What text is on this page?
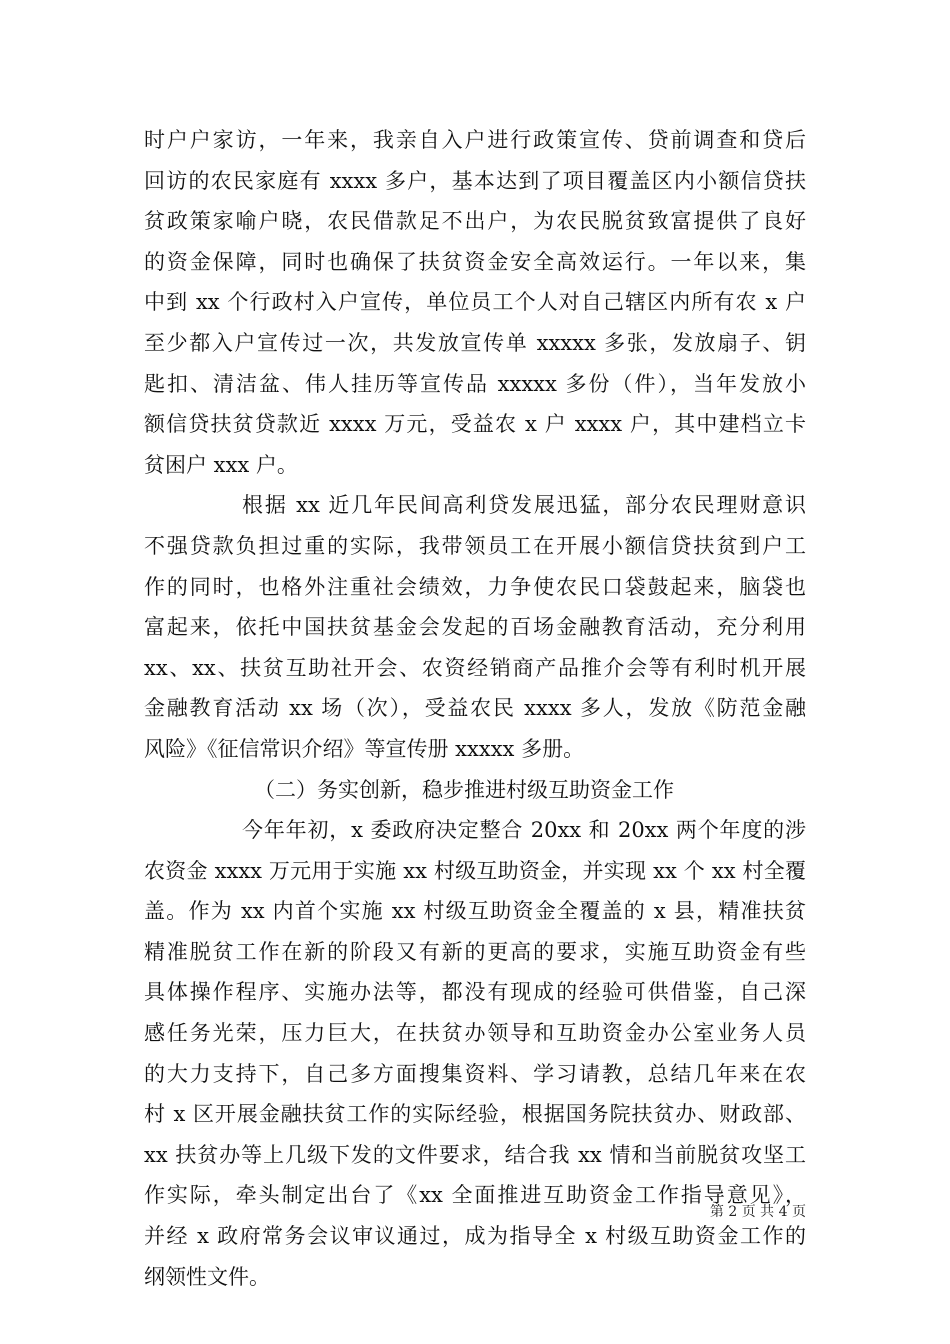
时户户家访，一年来，我亲自入户进行政策宣传、贷前调查和贷后
回访的农民家庭有 xxxx 多户，基本达到了项目覆盖区内小额信贷扶
贫政策家喻户晓，农民借款足不出户，为农民脱贫致富提供了良好
的资金保障，同时也确保了扶贫资金安全高效运行。一年以来，集
中到 xx 个行政村入户宣传，单位员工个人对自己辖区内所有农 x 户
至少都入户宣传过一次，共发放宣传单 xxxxx 多张，发放扇子、钥
匙扣、清洁盆、伟人挂历等宣传品 xxxxx 多份（件），当年发放小
额信贷扶贫贷款近 xxxx 万元，受益农 x 户 xxxx 户，其中建档立卡
贫困户 xxx 户。
根据 xx 近几年民间高利贷发展迅猛，部分农民理财意识
不强贷款负担过重的实际，我带领员工在开展小额信贷扶贫到户工
作的同时，也格外注重社会绩效，力争使农民口袋鼓起来，脑袋也
富起来，依托中国扶贫基金会发起的百场金融教育活动，充分利用
xx、xx、扶贫互助社开会、农资经销商产品推介会等有利时机开展
金融教育活动 xx 场（次），受益农民 xxxx 多人，发放《防范金融
风险》《征信常识介绍》等宣传册 xxxxx 多册。
（二）务实创新，稳步推进村级互助资金工作
今年年初，x 委政府决定整合 20xx 和 20xx 两个年度的涉
农资金 xxxx 万元用于实施 xx 村级互助资金，并实现 xx 个 xx 村全覆
盖。作为 xx 内首个实施 xx 村级互助资金全覆盖的 x 县，精准扶贫
精准脱贫工作在新的阶段又有新的更高的要求，实施互助资金有些
具体操作程序、实施办法等，都没有现成的经验可供借鉴，自己深
感任务光荣，压力巨大，在扶贫办领导和互助资金办公室业务人员
的大力支持下，自己多方面搜集资料、学习请教，总结几年来在农
村 x 区开展金融扶贫工作的实际经验，根据国务院扶贫办、财政部、
xx 扶贫办等上几级下发的文件要求，结合我 xx 情和当前脱贫攻坚工
作实际，牵头制定出台了《xx 全面推进互助资金工作指导意见》，
并经 x 政府常务会议审议通过，成为指导全 x 村级互助资金工作的
纲领性文件。
第 2 页 共 4 页
